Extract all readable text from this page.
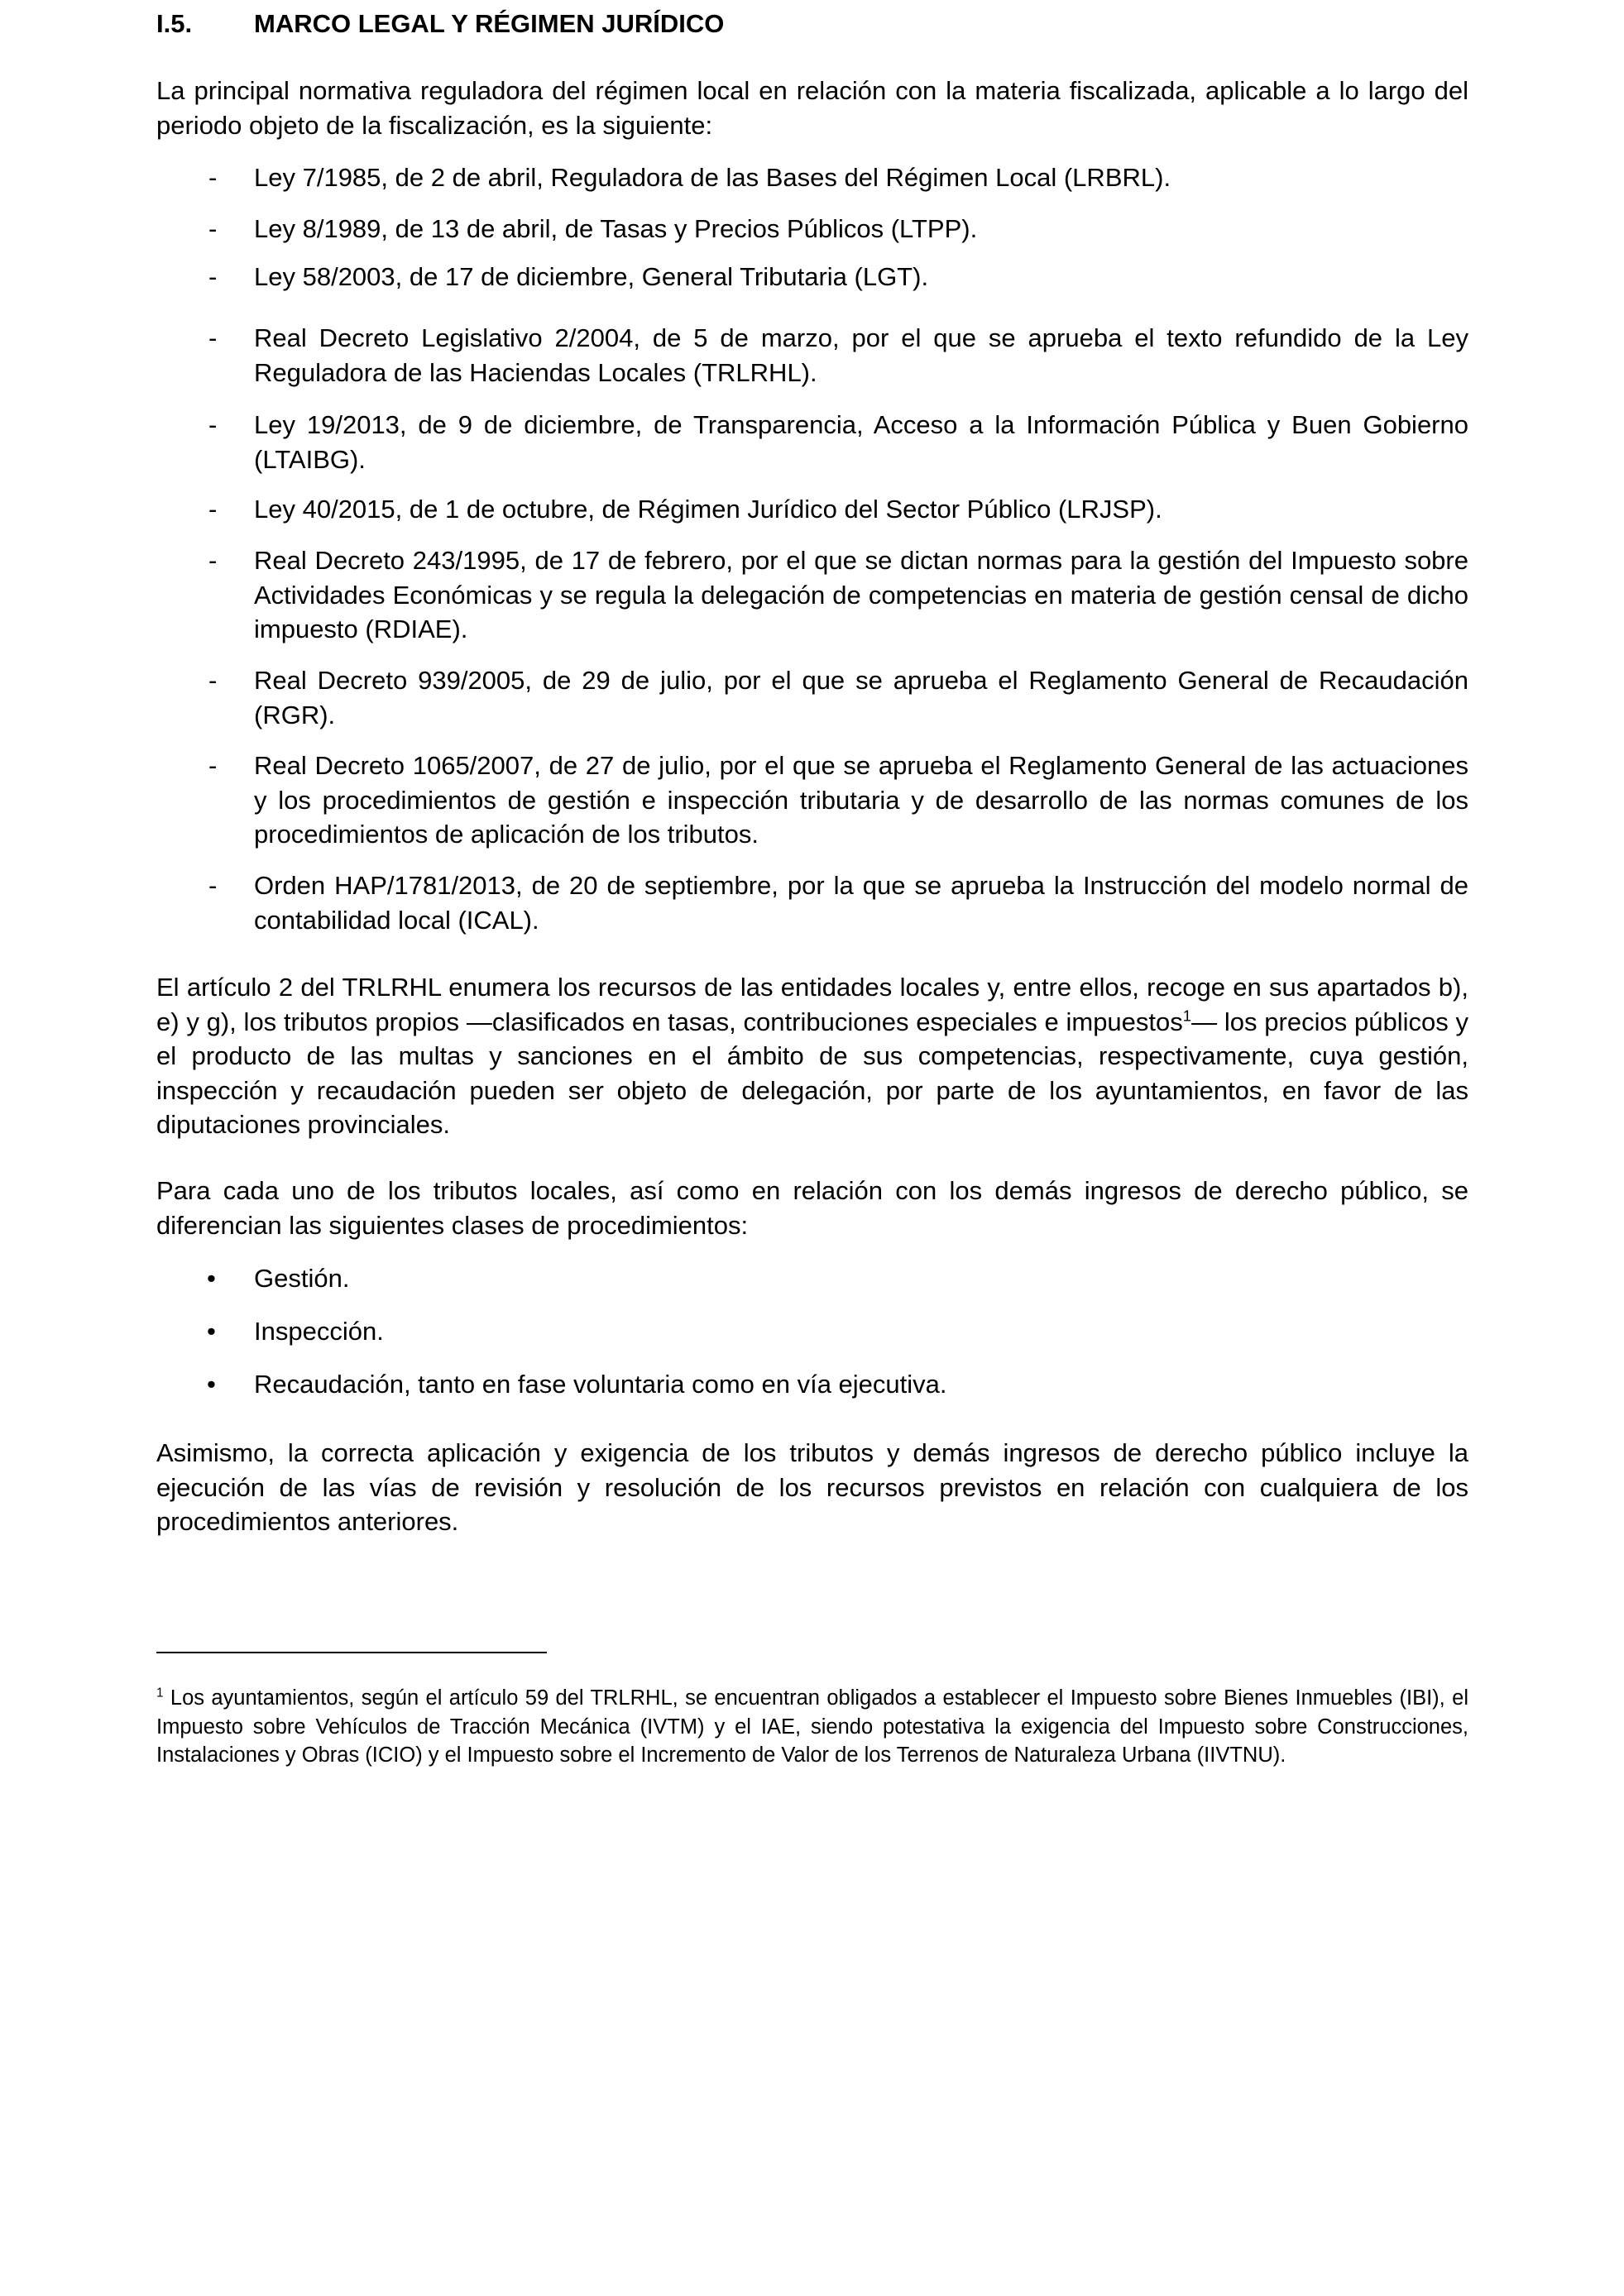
I.5. MARCO LEGAL Y RÉGIMEN JURÍDICO
La principal normativa reguladora del régimen local en relación con la materia fiscalizada, aplicable a lo largo del periodo objeto de la fiscalización, es la siguiente:
- Ley 7/1985, de 2 de abril, Reguladora de las Bases del Régimen Local (LRBRL).
- Ley 8/1989, de 13 de abril, de Tasas y Precios Públicos (LTPP).
- Ley 58/2003, de 17 de diciembre, General Tributaria (LGT).
- Real Decreto Legislativo 2/2004, de 5 de marzo, por el que se aprueba el texto refundido de la Ley Reguladora de las Haciendas Locales (TRLRHL).
- Ley 19/2013, de 9 de diciembre, de Transparencia, Acceso a la Información Pública y Buen Gobierno (LTAIBG).
- Ley 40/2015, de 1 de octubre, de Régimen Jurídico del Sector Público (LRJSP).
- Real Decreto 243/1995, de 17 de febrero, por el que se dictan normas para la gestión del Impuesto sobre Actividades Económicas y se regula la delegación de competencias en materia de gestión censal de dicho impuesto (RDIAE).
- Real Decreto 939/2005, de 29 de julio, por el que se aprueba el Reglamento General de Recaudación (RGR).
- Real Decreto 1065/2007, de 27 de julio, por el que se aprueba el Reglamento General de las actuaciones y los procedimientos de gestión e inspección tributaria y de desarrollo de las normas comunes de los procedimientos de aplicación de los tributos.
- Orden HAP/1781/2013, de 20 de septiembre, por la que se aprueba la Instrucción del modelo normal de contabilidad local (ICAL).
El artículo 2 del TRLRHL enumera los recursos de las entidades locales y, entre ellos, recoge en sus apartados b), e) y g), los tributos propios —clasificados en tasas, contribuciones especiales e impuestos$^1$— los precios públicos y el producto de las multas y sanciones en el ámbito de sus competencias, respectivamente, cuya gestión, inspección y recaudación pueden ser objeto de delegación, por parte de los ayuntamientos, en favor de las diputaciones provinciales.
Para cada uno de los tributos locales, así como en relación con los demás ingresos de derecho público, se diferencian las siguientes clases de procedimientos:
• Gestión.
• Inspección.
• Recaudación, tanto en fase voluntaria como en vía ejecutiva.
Asimismo, la correcta aplicación y exigencia de los tributos y demás ingresos de derecho público incluye la ejecución de las vías de revisión y resolución de los recursos previstos en relación con cualquiera de los procedimientos anteriores.
$^1$ Los ayuntamientos, según el artículo 59 del TRLRHL, se encuentran obligados a establecer el Impuesto sobre Bienes Inmuebles (IBI), el Impuesto sobre Vehículos de Tracción Mecánica (IVTM) y el IAE, siendo potestativa la exigencia del Impuesto sobre Construcciones, Instalaciones y Obras (ICIO) y el Impuesto sobre el Incremento de Valor de los Terrenos de Naturaleza Urbana (IIVTNU).
